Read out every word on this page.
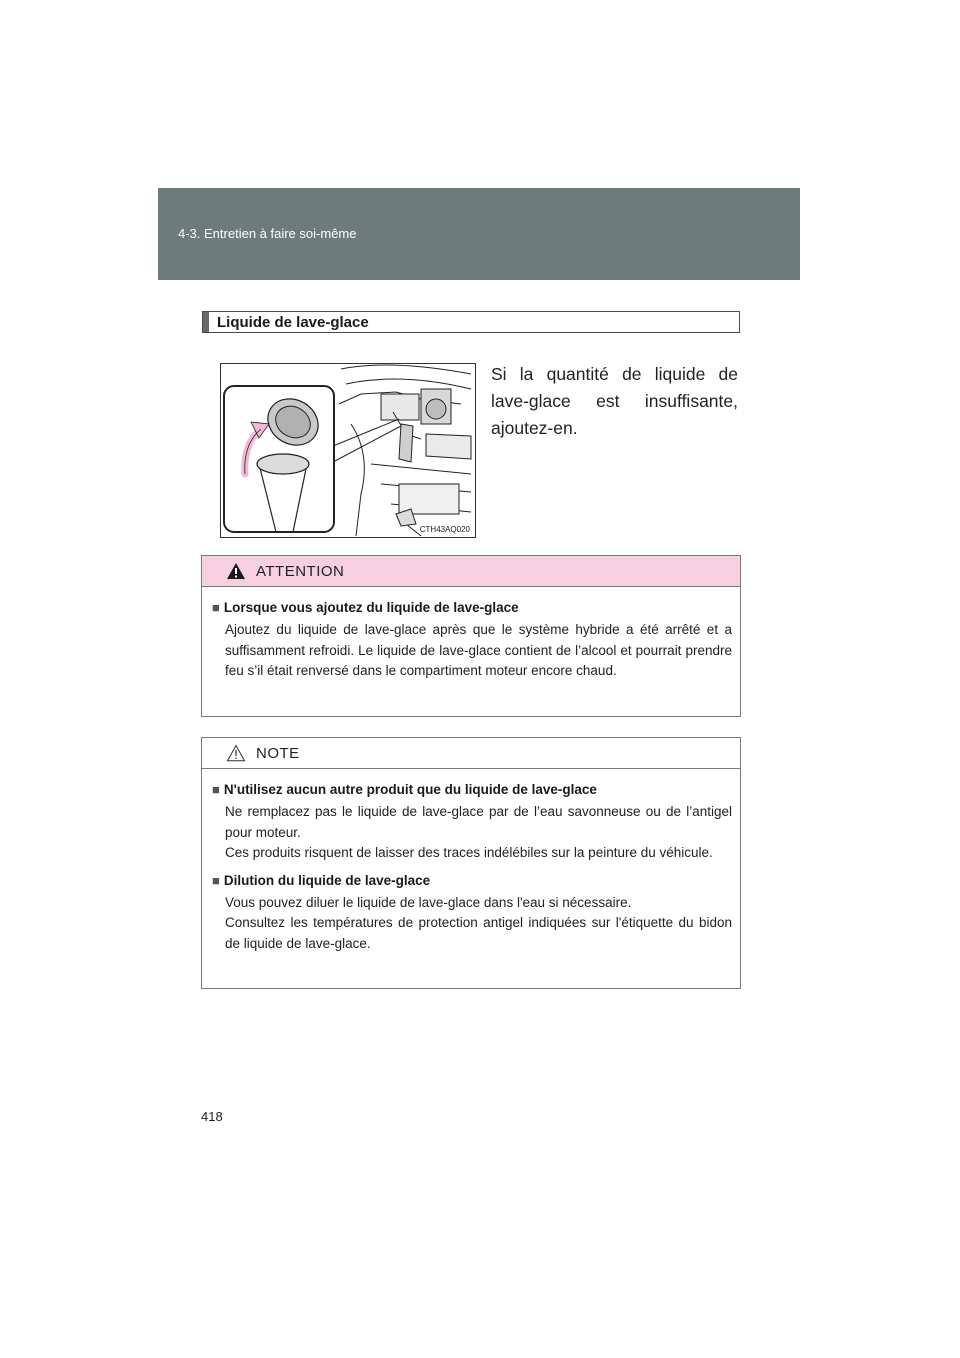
4-3. Entretien à faire soi-même
Liquide de lave-glace
CTH43AQ020
Si la quantité de liquide de lave-glace est insuffisante, ajoutez-en.
ATTENTION
■ Lorsque vous ajoutez du liquide de lave-glace
Ajoutez du liquide de lave-glace après que le système hybride a été arrêté et a suffisamment refroidi. Le liquide de lave-glace contient de l’alcool et pourrait prendre feu s’il était renversé dans le compartiment moteur encore chaud.
NOTE
■ N'utilisez aucun autre produit que du liquide de lave-glace
Ne remplacez pas le liquide de lave-glace par de l’eau savonneuse ou de l’antigel pour moteur.
Ces produits risquent de laisser des traces indélébiles sur la peinture du véhicule.
■ Dilution du liquide de lave-glace
Vous pouvez diluer le liquide de lave-glace dans l'eau si nécessaire.
Consultez les températures de protection antigel indiquées sur l'étiquette du bidon de liquide de lave-glace.
418
